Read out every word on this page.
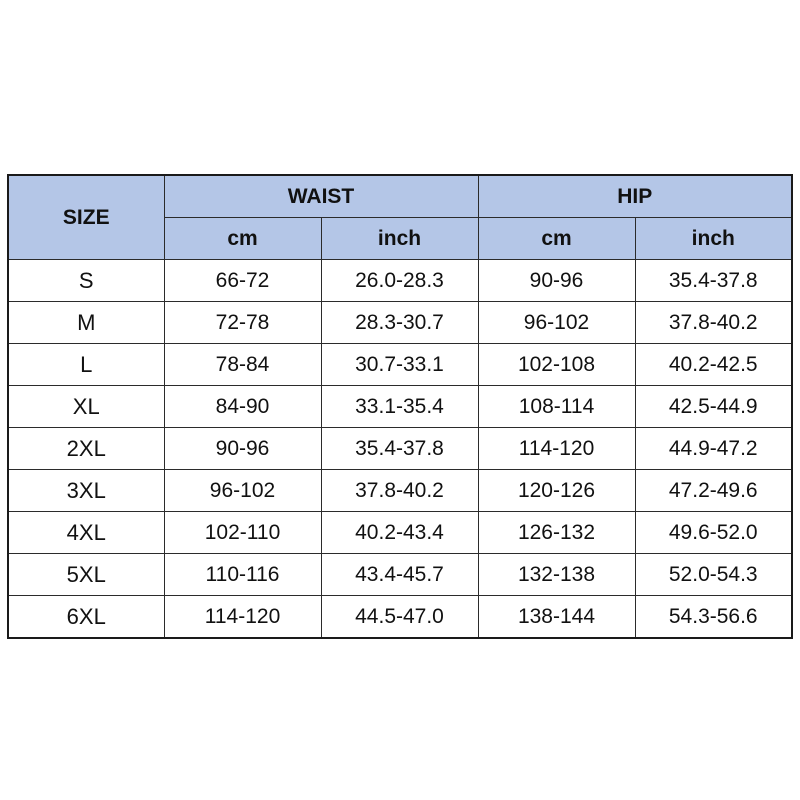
SIZE	WAIST		HIP	
	cm	inch	cm	inch
S	66-72	26.0-28.3	90-96	35.4-37.8
M	72-78	28.3-30.7	96-102	37.8-40.2
L	78-84	30.7-33.1	102-108	40.2-42.5
XL	84-90	33.1-35.4	108-114	42.5-44.9
2XL	90-96	35.4-37.8	114-120	44.9-47.2
3XL	96-102	37.8-40.2	120-126	47.2-49.6
4XL	102-110	40.2-43.4	126-132	49.6-52.0
5XL	110-116	43.4-45.7	132-138	52.0-54.3
6XL	114-120	44.5-47.0	138-144	54.3-56.6
